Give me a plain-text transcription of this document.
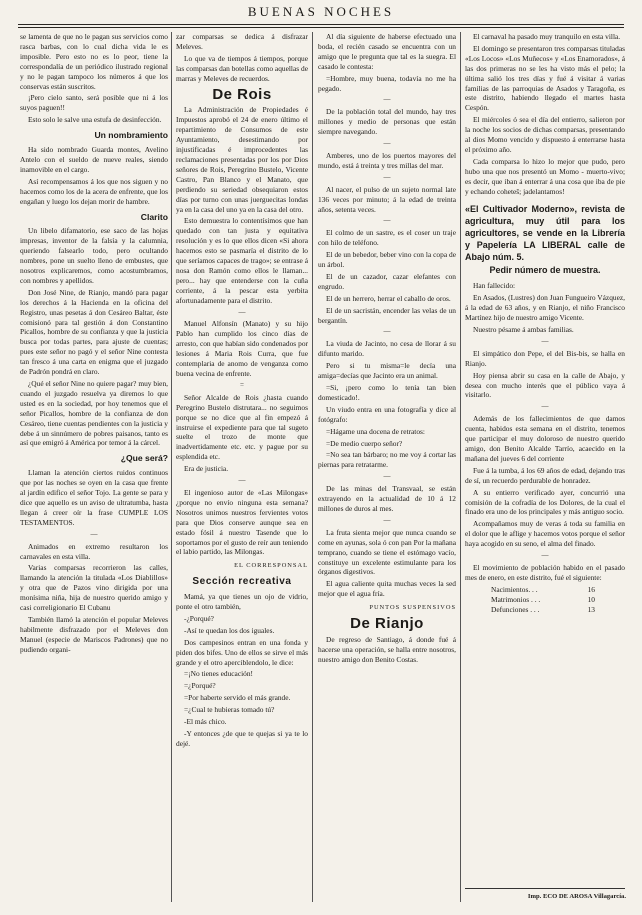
BUENAS NOCHES

se lamenta de que no le pagan sus servicios como rasca barbas, con lo cual dicha vida le es imposible. Pero esto no es lo peor, tiene la correspondalía de un periódico ilustrado regional y no le pagan tampoco los números á que los conservas están suscritos.

¡Pero cielo santo, será posible que ni á los suyos paguen!!

Esto solo le salve una estufa de desinfección.

Un nombramiento

Ha sido nombrado Guarda montes, Avelino Antelo con el sueldo de nueve reales, siendo inamovible en el cargo.

Así recompensamos á los que nos siguen y no hacemos como los de la acera de enfrente, que los engañan y luego los dejan morir de hambre.

Clarito

Un libelo difamatorio, ese saco de las hojas impresas, inventor de la falsía y la calumnia, queriendo falsearlo todo, pero ocultando nombres, pone un suelto lleno de embustes, que nosotros explicaremos, como acostumbramos, con nombres y apellidos.

Don José Nine, de Rianjo, mandó para pagar los derechos á la Hacienda en la oficina del Registro, unas pesetas á don Cesáreo Baltar, éste comisionó para tal gestión á don Constantino Picallos, hombre de su confianza y que la justicia busca por todas partes, para ajuste de cuentas; pues este señor no pagó y el señor Nine contesta tan fresco á una carta en enigma que el juzgado de Padrón pondrá en claro.

¿Qué el señor Nine no quiere pagar? muy bien, cuando el juzgado resuelva ya diremos lo que usted es en la sociedad, por hoy tenemos que el señor Picallos, hombre de la confianza de don Cesáreo, tiene cuentas pendientes con la justicia y debe á un sinnúmero de pobres paisanos, tanto es así que emigró á América por temor á la cárcel.

¿Que será?

Llaman la atención ciertos ruidos continuos que por las noches se oyen en la casa que frente al jardín edifico el señor Tojo. La gente se para y dice que aquello es un aviso de ultratumba, hasta llegan á creer oír la frase CUMPLE LOS TESTAMENTOS.

—

Animados en extremo resultaron los carnavales en esta villa.

Varias comparsas recorrieron las calles, llamando la atención la titulada «Los Diablillos» y otra que de Pazos vino dirigida por una monísima niña, hija de nuestro querido amigo y casi correligionario El Cubanu

También llamó la atención el popular Meleves habilmente disfrazado por el Meleves don Manuel (especie de Mariscos Padrones) que no pudiendo organi-

zar comparsas se dedica á disfrazar Meleves.

Lo que va de tiempos á tiempos, porque las comparsas dan botellas como aquellas de marras y Meleves de recuerdos.

De Rois

La Administración de Propiedades é Impuestos aprobó el 24 de enero último el repartimiento de Consumos de este Ayuntamiento, desestimando por injustificadas é improcedentes las reclamaciones presentadas por los por Dios señores de Rois, Peregrino Bustelo, Vicente Castro, Pan Blanco y el Manato, que perdiendo su seriedad obsequiaron estos días por turno con unas juerguecitas londas ya en la casa del uno ya en la casa del otro.

Esto demuestra lo contentísimos que han quedado con tan justa y equitativa resolución y es lo que ellos dicen «Si ahora hacemos esto se pasmaría el distrito de lo que seríamos capaces de trago»; se entrase á nosa don Ramón como ellos le llaman... pero... hay que entenderse con la cuña corriente, á la pescar esta yerbita afortunadamente para el distrito.

—

Manuel Alfonsín (Manato) y su hijo Pablo han cumplido los cinco días de arresto, con que habían sido condenados por lesiones á Maria Rois Curra, que fue contemplaria de anomo de venganza como buena vecina de enfrente.

=

Señor Alcalde de Rois ¿hasta cuando Peregrino Bustelo distrutara... no seguimos porque se no dice que al fin empezó á instruirse el expediente para que tal sugeto suelte el trozo de monte que inadvertidamente etc. etc. y pague por su esplendida etc.

Era de justicia.

—

El ingenioso autor de «Las Milongas» ¿porque no envío ninguna esta semana? Nosotros unimos nuestros fervientes votos para que Dios conserve aunque sea en estado fósil á nuestro Tasende que lo soportamos por el gusto de reír aun teniendo el labio partido, las Milongas.

EL CORRESPONSAL
Sección recreativa

Mamá, ya que tienes un ojo de vidrio, ponte el otro también,

-¿Porqué?

-Así te quedan los dos iguales.

Dos campesinos entran en una fonda y piden dos bifes. Uno de ellos se sirve el más grande y el otro aperciblendolo, le dice:

=¡No tienes educación!

=¿Porqué?

=Por haberte servido el más grande.

=¿Cual te hubieras tomado tú?

-El más chico.

-Y entonces ¿de que te quejas si ya te lo dejé.

Al día siguiente de haberse efectuado una boda, el recién casado se encuentra con un amigo que le pregunta que tal es la suegra. El casado le contesta:

=Hombre, muy buena, todavía no me ha pegado.

—

De la población total del mundo, hay tres millones y medio de personas que están siempre navegando.

—

Amberes, uno de los puertos mayores del mundo, está á treinta y tres millas del mar.

—

Al nacer, el pulso de un sujeto normal late 136 veces por minuto; á la edad de treinta años, setenta veces.

—

El colmo de un sastre, es el coser un traje con hilo de teléfono.

El de un bebedor, beber vino con la copa de un árbol.

El de un cazador, cazar elefantes con engrudo.

El de un herrero, herrar el caballo de oros.

El de un sacristán, encender las velas de un bergantín.

—

La viuda de Jacinto, no cesa de llorar á su difunto marido.

Pero si tu misma=le decía una amiga=decías que Jacinto era un animal.

=Si, ¡pero como lo tenía tan bien domesticado!.

Un viudo entra en una fotografía y dice al fotógrafo:

=Hágame una docena de retratos:

=De medio cuerpo señor?

=No sea tan bárbaro; no me voy á cortar las piernas para retratarme.

—

De las minas del Transvaal, se están extrayendo en la actualidad de 10 á 12 millones de duros al mes.

—

La fruta sienta mejor que nunca cuando se come en ayunas, sola ó con pan Por la mañana temprano, cuando se tiene el estómago vacío, constituye un excelente estimulante para los órganos digestivos.

El agua caliente quita muchas veces la sed mejor que el agua fría.

PUNTOS SUSPENSIVOS
De Rianjo

De regreso de Santiago, á donde fué á hacerse una operación, se halla entre nosotros, nuestro amigo don Benito Costas.

El carnaval ha pasado muy tranquilo en esta villa.

El domingo se presentaron tres comparsas tituladas «Los Locos» «Los Muñecos» y «Los Enamorados», á las dos primeras no se les ha visto más el pelo; la última salió los tres días y fué á visitar á varias familias de las parroquias de Asados y Taragoña, es este distrito, habiendo llegado el martes hasta Cespón.

El miércoles ó sea el día del entierro, salieron por la noche los socios de dichas comparsas, presentando al dios Momo vencido y dispuesto á enterrarse hasta el próximo año.

Cada comparsa lo hizo lo mejor que pudo, pero hubo una que nos presentó un Momo - muerto-vivo; es decir, que iban á enterrar á una cosa que iba de pie y echando coheteš; jadelantamos!

«El Cultivador Moderno», revista de agricultura, muy útil para los agricultores, se vende en la Librería y Papelería LA LIBERAL calle de Abajo núm. 5.
Pedir número de muestra.

Han fallecido:

En Asados, (Lustres) don Juan Fungueiro Vázquez, á la edad de 63 años, y en Rianjo, el niño Francisco Martínez hijo de nuestro amigo Vicente.

Nuestro pésame á ambas familias.

—

El simpático don Pepe, el del Bis-bis, se halla en Rianjo.

Hoy piensa abrir su casa en la calle de Abajo, y desea con mucho interés que el público vaya á visitarlo.

—

Además de los fallecimientos de que damos cuenta, habidos esta semana en el distrito, tenemos que participar el muy doloroso de nuestro querido amigo, don Benito Alcalde Tarrío, acaecido en la mañana del jueves 6 del corriente

Fue á la tumba, á los 69 años de edad, dejando tras de sí, un recuerdo perdurable de honradez.

A su entierro verificado ayer, concurrió una comisión de la cofradía de los Dolores, de la cual el finado era uno de los principales y más antiguo socio.

Acompañamos muy de veras á toda su familia en el dolor que le aflige y hacemos votos porque el señor haya acogido en su seno, el alma del finado.

—

El movimiento de población habido en el pasado mes de enero, en este distrito, fué el siguiente:

Nacimientos. . .	16
Matrimonios . . .	10
Defunciones . . .	13
Imp. ECO DE AROSA Villagarcía.
